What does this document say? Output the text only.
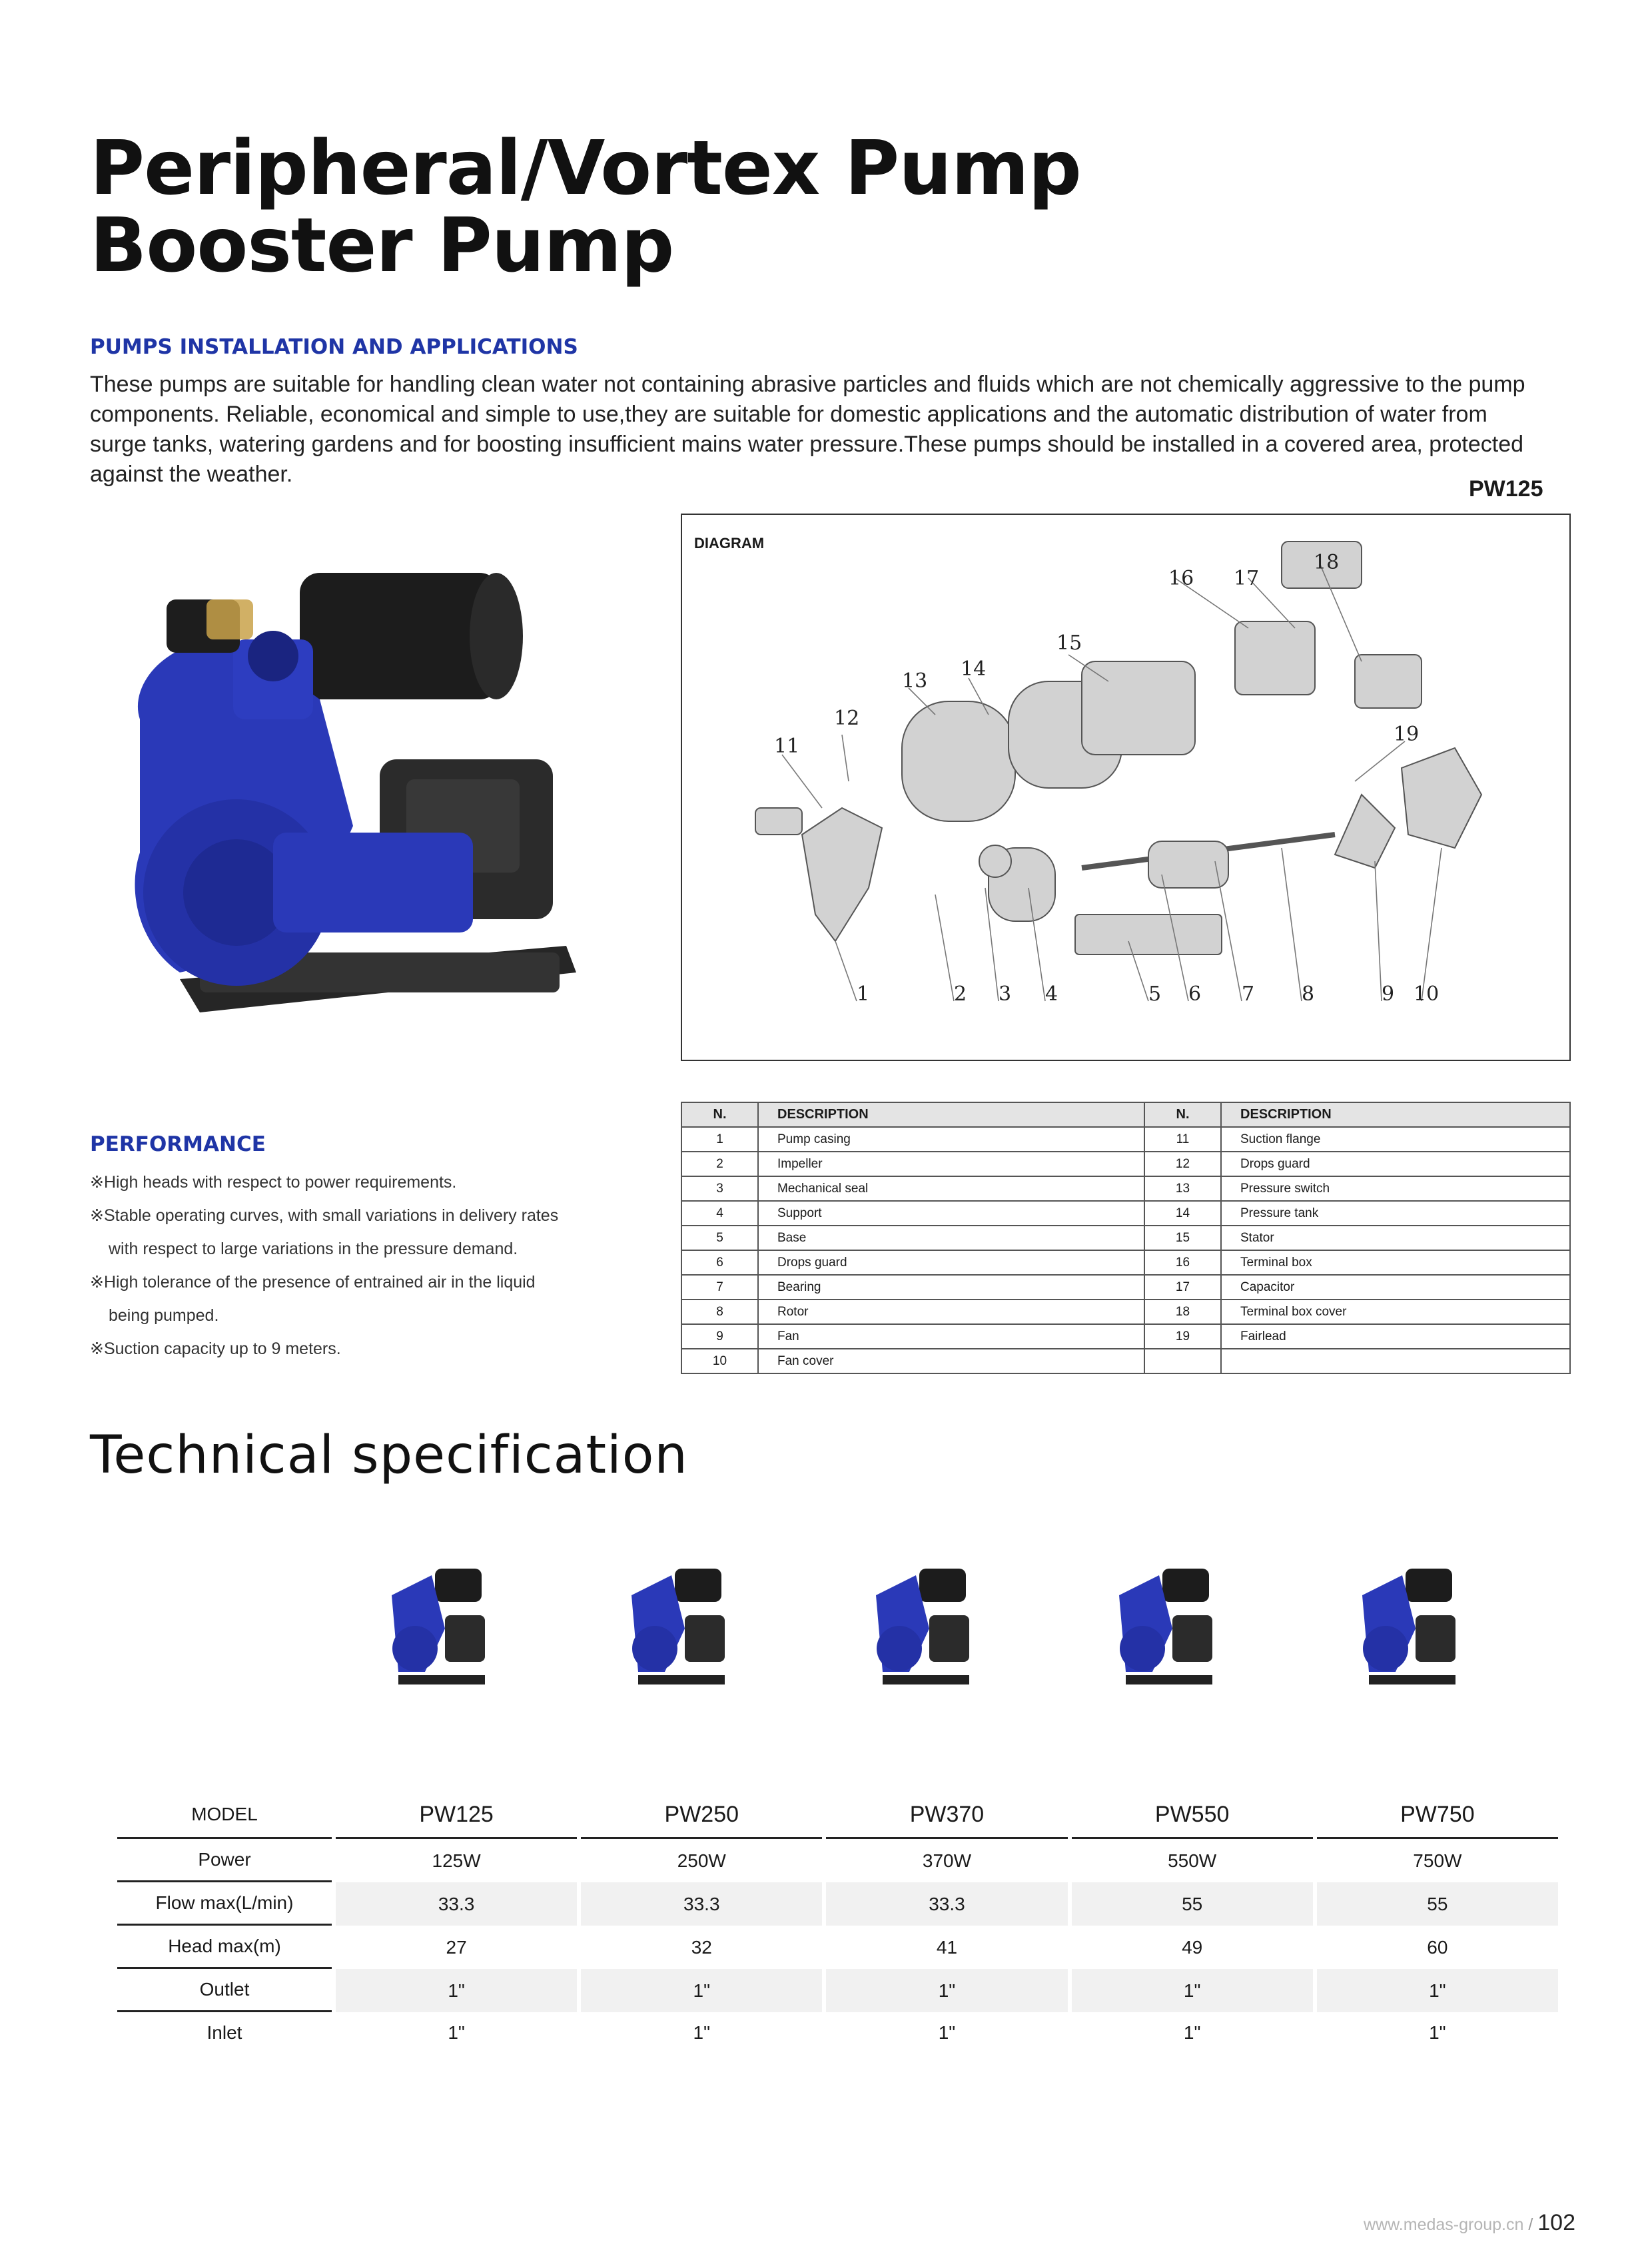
Peripheral/Vortex Pump
Booster Pump
PUMPS INSTALLATION AND APPLICATIONS
These pumps are suitable for handling clean water not containing abrasive particles and fluids which are not chemically aggressive to the pump components. Reliable, economical and simple to use,they are suitable for domestic applications and the automatic distribution of water from surge tanks, watering gardens and for boosting insufficient mains water pressure.These pumps should be installed in a covered area, protected against the weather.
PW125
DIAGRAM
1	2 3 4	5 6 7 8	9 10
11
12
13
14
15
16 17
18
19
PERFORMANCE
※High heads with respect to power requirements.
※Stable operating curves, with small variations in delivery rates
with respect to large variations in the pressure demand.
※High tolerance of the presence of entrained air in the liquid
being pumped.
※Suction capacity up to 9 meters.
N.	DESCRIPTION	N.	DESCRIPTION
1	Pump casing	11	Suction flange
2	Impeller	12	Drops guard
3	Mechanical seal	13	Pressure switch
4	Support	14	Pressure tank
5	Base	15	Stator
6	Drops guard	16	Terminal box
7	Bearing	17	Capacitor
8	Rotor	18	Terminal box cover
9	Fan	19	Fairlead
10	Fan cover		
Technical specification
MODEL	PW125	PW250	PW370	PW550	PW750
Power	125W	250W	370W	550W	750W
Flow max(L/min)	33.3	33.3	33.3	55	55
Head max(m)	27	32	41	49	60
Outlet	1"	1"	1"	1"	1"
Inlet	1"	1"	1"	1"	1"
www.medas-group.cn / 102
